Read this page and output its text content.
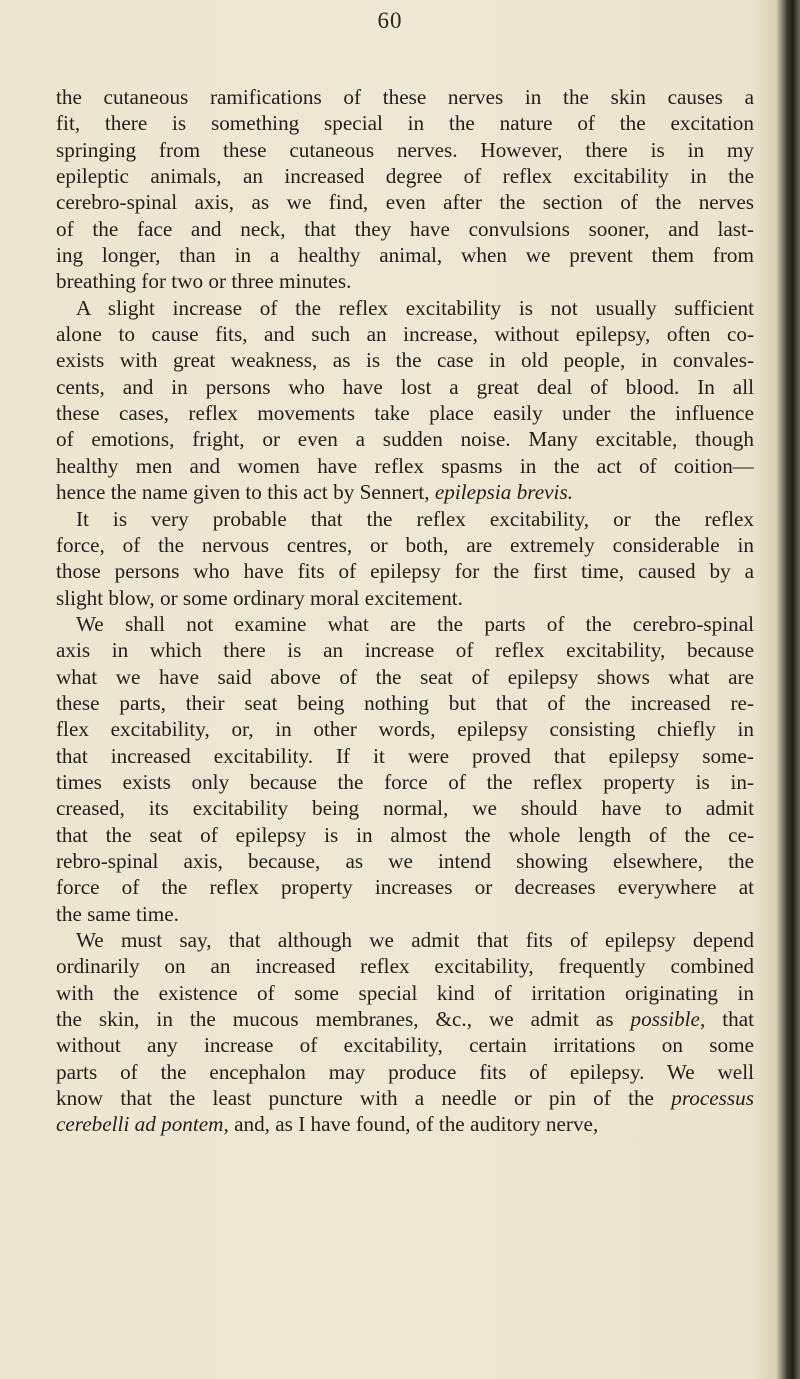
60
the cutaneous ramifications of these nerves in the skin causes a
fit, there is something special in the nature of the excitation
springing from these cutaneous nerves. However, there is in my
epileptic animals, an increased degree of reflex excitability in the
cerebro-spinal axis, as we find, even after the section of the nerves
of the face and neck, that they have convulsions sooner, and last-
ing longer, than in a healthy animal, when we prevent them from
breathing for two or three minutes.
A slight increase of the reflex excitability is not usually sufficient
alone to cause fits, and such an increase, without epilepsy, often co-
exists with great weakness, as is the case in old people, in convales-
cents, and in persons who have lost a great deal of blood. In all
these cases, reflex movements take place easily under the influence
of emotions, fright, or even a sudden noise. Many excitable, though
healthy men and women have reflex spasms in the act of coition—
hence the name given to this act by Sennert, epilepsia brevis.
It is very probable that the reflex excitability, or the reflex
force, of the nervous centres, or both, are extremely considerable in
those persons who have fits of epilepsy for the first time, caused by a
slight blow, or some ordinary moral excitement.
We shall not examine what are the parts of the cerebro-spinal
axis in which there is an increase of reflex excitability, because
what we have said above of the seat of epilepsy shows what are
these parts, their seat being nothing but that of the increased re-
flex excitability, or, in other words, epilepsy consisting chiefly in
that increased excitability. If it were proved that epilepsy some-
times exists only because the force of the reflex property is in-
creased, its excitability being normal, we should have to admit
that the seat of epilepsy is in almost the whole length of the ce-
rebro-spinal axis, because, as we intend showing elsewhere, the
force of the reflex property increases or decreases everywhere at
the same time.
We must say, that although we admit that fits of epilepsy depend
ordinarily on an increased reflex excitability, frequently combined
with the existence of some special kind of irritation originating in
the skin, in the mucous membranes, &c., we admit as possible, that
without any increase of excitability, certain irritations on some
parts of the encephalon may produce fits of epilepsy. We well
know that the least puncture with a needle or pin of the processus
cerebelli ad pontem, and, as I have found, of the auditory nerve,
